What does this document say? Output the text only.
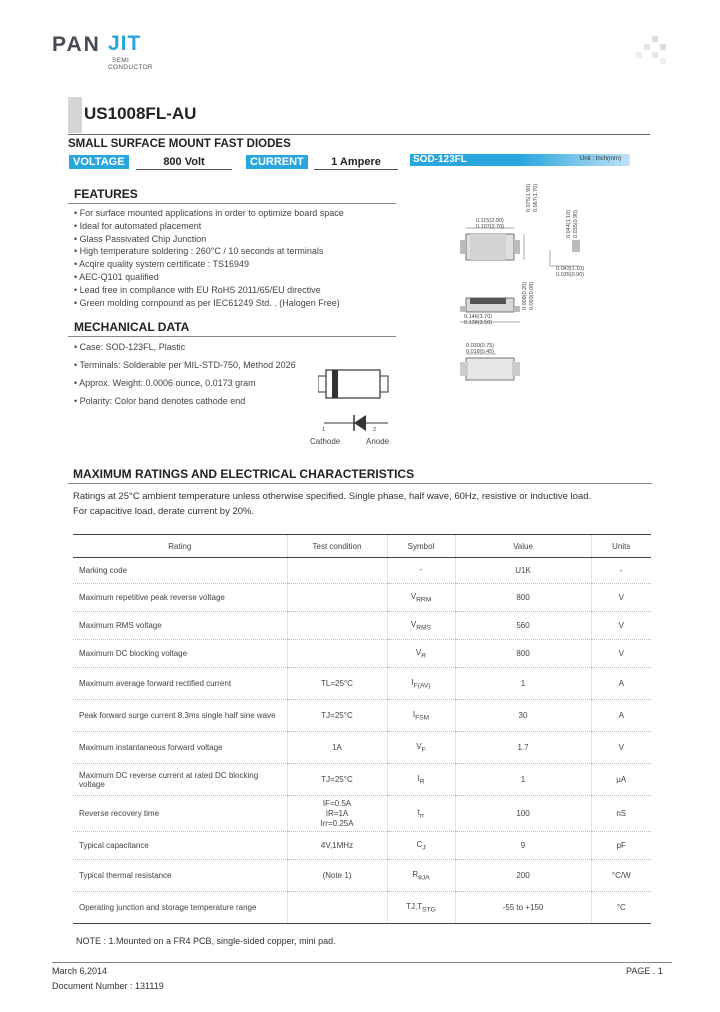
PAN JIT
SEMI
CONDUCTOR
US1008FL-AU
SMALL SURFACE MOUNT FAST DIODES
VOLTAGE	800 Volt	CURRENT	1 Ampere	SOD-123FL	Unit : Inch(mm)
FEATURES
• For surface mounted applications in order to optimize board space
• Ideal for automated placement
• Glass Passivated Chip Junction
• High temperature soldering : 260°C / 10 seconds at terminals
• Acqire quality system certificate : TS16949
• AEC-Q101 qualified
• Lead free in compliance with EU RoHS 2011/65/EU directive
• Green molding compound as per IEC61249 Std. . (Halogen Free)
MECHANICAL DATA
• Case: SOD-123FL, Plastic
• Terminals: Solderable per MIL-STD-750, Method 2026
• Approx. Weight: 0.0006 ounce, 0.0173 gram
• Polarity: Color band denotes cathode end
1	2
Cathode	Anode
0.115(2.90)
0.107(2.70)
0.075(1.90) 0.067(1.70)
0.044(1.10) 0.035(0.90)
0.043(1.10)
0.035(0.90)
0.008(0.20) 0.003(0.08)
0.146(3.70)
0.138(3.50)
0.030(0.75)
0.018(0.45)
MAXIMUM RATINGS AND ELECTRICAL CHARACTERISTICS
Ratings at 25°C ambient temperature unless otherwise specified. Single phase, half wave, 60Hz, resistive or inductive load.
For capacitive load, derate current by 20%.
Rating	Test condition	Symbol	Value	Units
Marking code		-	U1K	-
Maximum repetitive peak reverse voltage		$V_{RRM}$	800	V
Maximum RMS voltage		$V_{RMS}$	560	V
Maximum DC blocking voltage		$V_R$	800	V
Maximum average forward rectified current	TL=25°C	$I_{F(AV)}$	1	A
Peak forward surge current 8.3ms single half sine wave	TJ=25°C	$I_{FSM}$	30	A
Maximum instantaneous forward voltage	1A	$V_F$	1.7	V
Maximum DC reverse current at rated DC blocking voltage	TJ=25°C	$I_R$	1	μA
Reverse recovery time	IF=0.5A
IR=1A
Irr=0.25A	$t_{rr}$	100	nS
Typical capacitance	4V,1MHz	$C_J$	9	pF
Typical thermal resistance	(Note 1)	$R_{\theta JA}$	200	°C/W
Operating junction and storage temperature range		$TJ,T_{STG}$	-55 to +150	°C
NOTE : 1.Mounted on a FR4 PCB, single-sided copper, mini pad.
March 6,2014
Document Number : 131119
PAGE . 1
